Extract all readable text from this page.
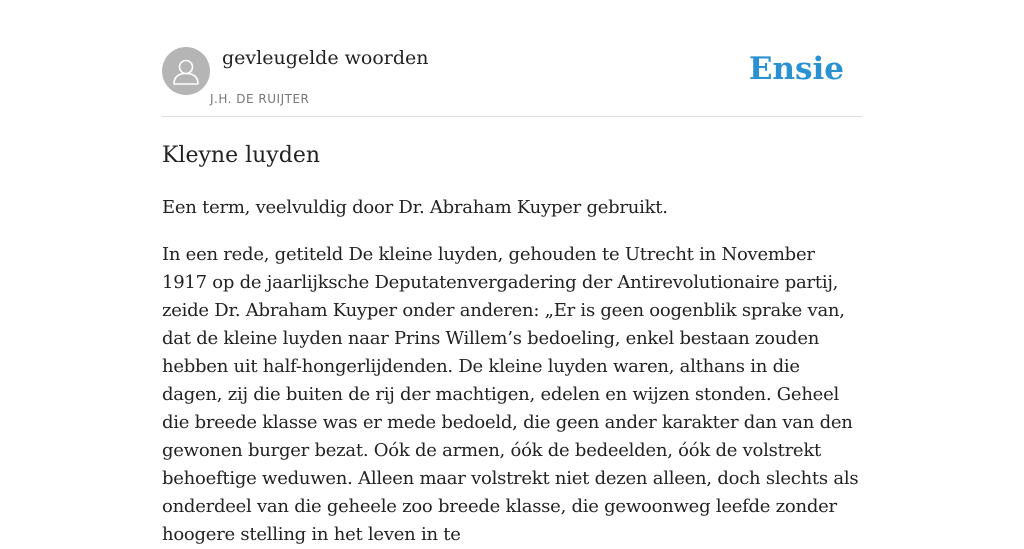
gevleugelde woorden
J.H. DE RUIJTER
Ensie
Kleyne luyden

Een term, veelvuldig door Dr. Abraham Kuyper gebruikt.

In een rede, getiteld De kleine luyden, gehouden te Utrecht in November 1917 op de jaarlijksche Deputatenvergadering der Antirevolutionaire partij, zeide Dr. Abraham Kuyper onder anderen: „Er is geen oogenblik sprake van, dat de kleine luyden naar Prins Willem’s bedoeling, enkel bestaan zouden hebben uit half-hongerlijdenden. De kleine luyden waren, althans in die dagen, zij die buiten de rij der machtigen, edelen en wijzen stonden. Geheel die breede klasse was er mede bedoeld, die geen ander karakter dan van den gewonen burger bezat. Oók de armen, óók de bedeelden, óók de volstrekt behoeftige weduwen. Alleen maar volstrekt niet dezen alleen, doch slechts als onderdeel van die geheele zoo breede klasse, die gewoonweg leefde zonder hoogere stelling in het leven in te
